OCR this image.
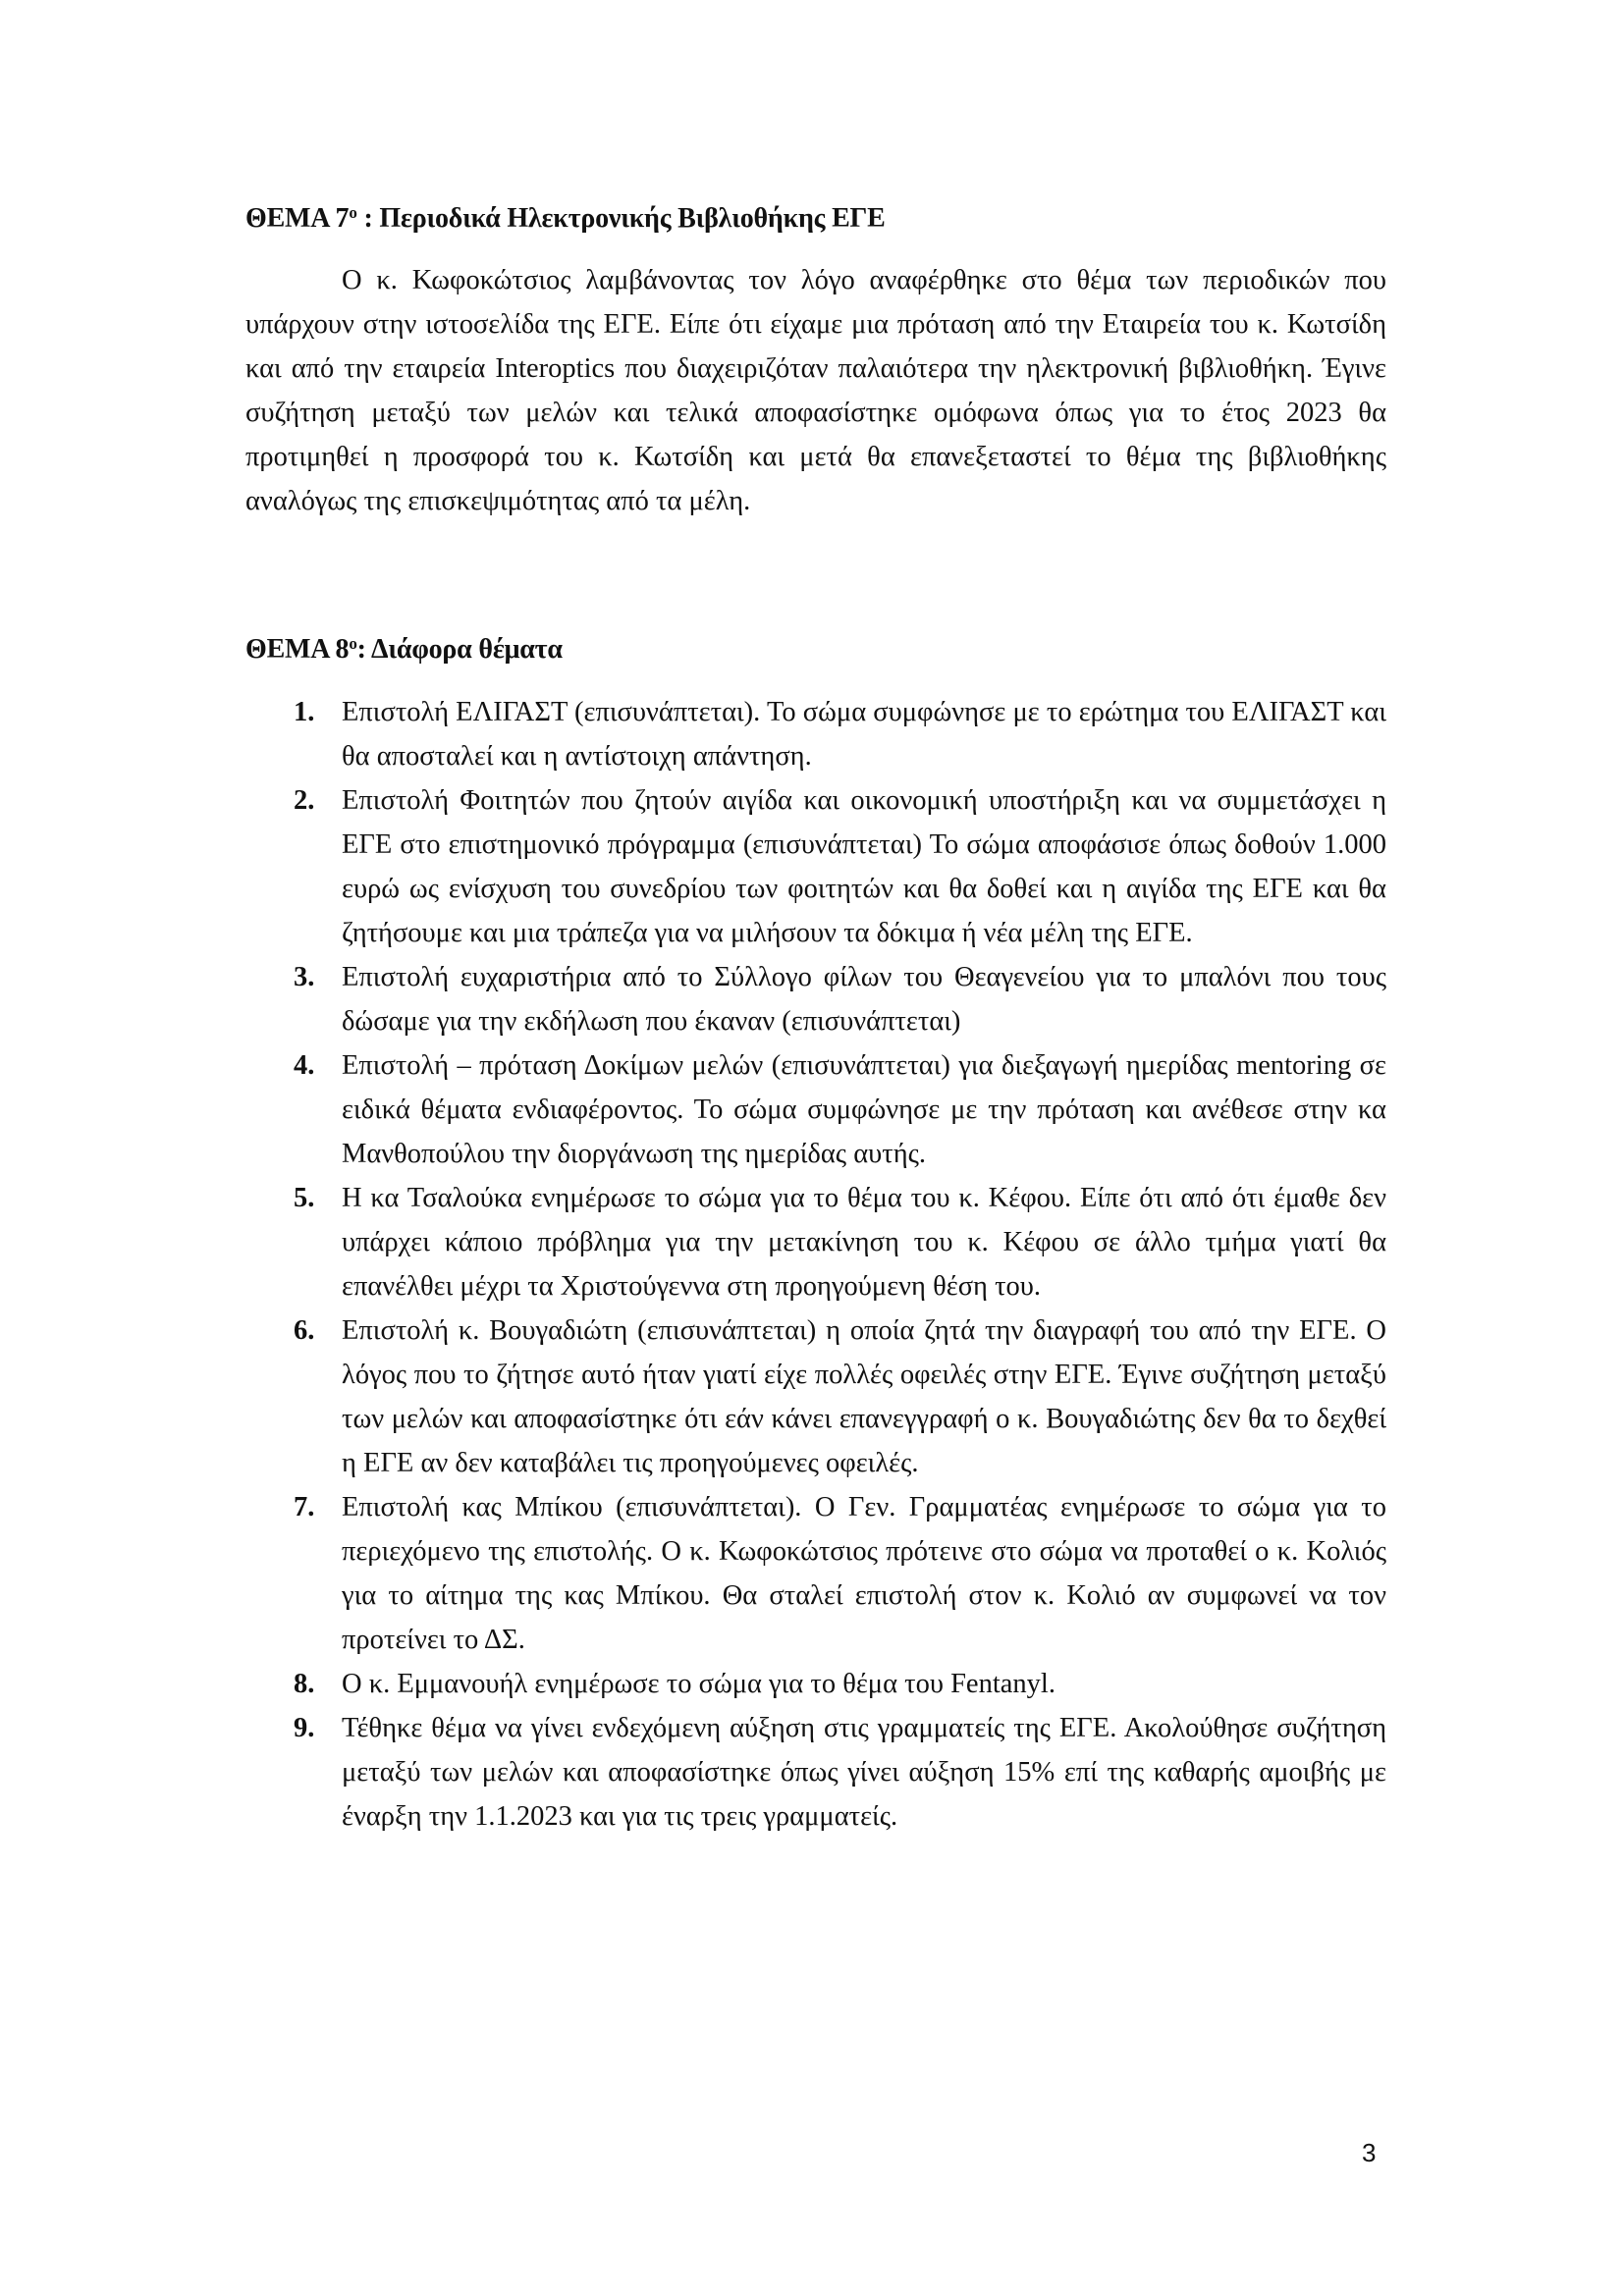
ΘΕΜΑ $7^o$ : Περιοδικά Ηλεκτρονικής Βιβλιοθήκης ΕΓΕ

Ο κ. Κωφοκώτσιος λαμβάνοντας τον λόγο αναφέρθηκε στο θέμα των περιοδικών που υπάρχουν στην ιστοσελίδα της ΕΓΕ. Είπε ότι είχαμε μια πρόταση από την Εταιρεία του κ. Κωτσίδη και από την εταιρεία Interoptics που διαχειριζόταν παλαιότερα την ηλεκτρονική βιβλιοθήκη. Έγινε συζήτηση μεταξύ των μελών και τελικά αποφασίστηκε ομόφωνα όπως για το έτος 2023 θα προτιμηθεί η προσφορά του κ. Κωτσίδη και μετά θα επανεξεταστεί το θέμα της βιβλιοθήκης αναλόγως της επισκεψιμότητας από τα μέλη.

ΘΕΜΑ $8^o$: Διάφορα θέματα
1. Επιστολή ΕΛΙΓΑΣΤ (επισυνάπτεται). Το σώμα συμφώνησε με το ερώτημα του ΕΛΙΓΑΣΤ και θα αποσταλεί και η αντίστοιχη απάντηση.
2. Επιστολή Φοιτητών που ζητούν αιγίδα και οικονομική υποστήριξη και να συμμετάσχει η ΕΓΕ στο επιστημονικό πρόγραμμα (επισυνάπτεται) Το σώμα αποφάσισε όπως δοθούν 1.000 ευρώ ως ενίσχυση του συνεδρίου των φοιτητών και θα δοθεί και η αιγίδα της ΕΓΕ και θα ζητήσουμε και μια τράπεζα για να μιλήσουν τα δόκιμα ή νέα μέλη της ΕΓΕ.
3. Επιστολή ευχαριστήρια από το Σύλλογο φίλων του Θεαγενείου για το μπαλόνι που τους δώσαμε για την εκδήλωση που έκαναν (επισυνάπτεται)
4. Επιστολή – πρόταση Δοκίμων μελών (επισυνάπτεται) για διεξαγωγή ημερίδας mentoring σε ειδικά θέματα ενδιαφέροντος. Το σώμα συμφώνησε με την πρόταση και ανέθεσε στην κα Μανθοπούλου την διοργάνωση της ημερίδας αυτής.
5. Η κα Τσαλούκα ενημέρωσε το σώμα για το θέμα του κ. Κέφου. Είπε ότι από ότι έμαθε δεν υπάρχει κάποιο πρόβλημα για την μετακίνηση του κ. Κέφου σε άλλο τμήμα γιατί θα επανέλθει μέχρι τα Χριστούγεννα στη προηγούμενη θέση του.
6. Επιστολή κ. Βουγαδιώτη (επισυνάπτεται) η οποία ζητά την διαγραφή του από την ΕΓΕ. Ο λόγος που το ζήτησε αυτό ήταν γιατί είχε πολλές οφειλές στην ΕΓΕ. Έγινε συζήτηση μεταξύ των μελών και αποφασίστηκε ότι εάν κάνει επανεγγραφή ο κ. Βουγαδιώτης δεν θα το δεχθεί η ΕΓΕ αν δεν καταβάλει τις προηγούμενες οφειλές.
7. Επιστολή κας Μπίκου (επισυνάπτεται). Ο Γεν. Γραμματέας ενημέρωσε το σώμα για το περιεχόμενο της επιστολής. Ο κ. Κωφοκώτσιος πρότεινε στο σώμα να προταθεί ο κ. Κολιός για το αίτημα της κας Μπίκου. Θα σταλεί επιστολή στον κ. Κολιό αν συμφωνεί να τον προτείνει το ΔΣ.
8. Ο κ. Εμμανουήλ ενημέρωσε το σώμα για το θέμα του Fentanyl.
9. Τέθηκε θέμα να γίνει ενδεχόμενη αύξηση στις γραμματείς της ΕΓΕ. Ακολούθησε συζήτηση μεταξύ των μελών και αποφασίστηκε όπως γίνει αύξηση 15% επί της καθαρής αμοιβής με έναρξη την 1.1.2023 και για τις τρεις γραμματείς.
3
